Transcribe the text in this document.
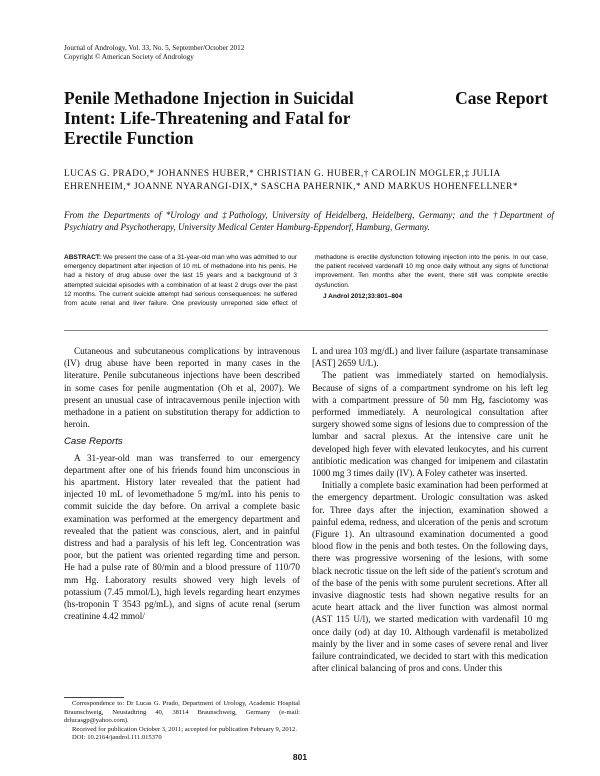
Journal of Andrology, Vol. 33, No. 5, September/October 2012
Copyright © American Society of Andrology
Penile Methadone Injection in Suicidal Intent: Life-Threatening and Fatal for Erectile Function
Case Report

LUCAS G. PRADO,* JOHANNES HUBER,* CHRISTIAN G. HUBER,† CAROLIN MOGLER,‡ JULIA EHRENHEIM,* JOANNE NYARANGI-DIX,* SASCHA PAHERNIK,* AND MARKUS HOHENFELLNER*

From the Departments of *Urology and ‡Pathology, University of Heidelberg, Heidelberg, Germany; and the †Department of Psychiatry and Psychotherapy, University Medical Center Hamburg-Eppendorf, Hamburg, Germany.

ABSTRACT: We present the case of a 31-year-old man who was admitted to our emergency department after injection of 10 mL of methadone into his penis. He had a history of drug abuse over the last 15 years and a background of 3 attempted suicidal episodes with a combination of at least 2 drugs over the past 12 months. The current suicide attempt had serious consequences: he suffered from acute renal and liver failure. One previously unreported side effect of methadone is erectile dysfunction following injection into the penis. In our case, the patient received vardenafil 10 mg once daily without any signs of functional improvement. Ten months after the event, there still was complete erectile dysfunction.

J Androl 2012;33:801–804

Cutaneous and subcutaneous complications by intravenous (IV) drug abuse have been reported in many cases in the literature. Penile subcutaneous injections have been described in some cases for penile augmentation (Oh et al, 2007). We present an unusual case of intracavernous penile injection with methadone in a patient on substitution therapy for addiction to heroin.

Case Reports

A 31-year-old man was transferred to our emergency department after one of his friends found him unconscious in his apartment. History later revealed that the patient had injected 10 mL of levomethadone 5 mg/mL into his penis to commit suicide the day before. On arrival a complete basic examination was performed at the emergency department and revealed that the patient was conscious, alert, and in painful distress and had a paralysis of his left leg. Concentration was poor, but the patient was oriented regarding time and person. He had a pulse rate of 80/min and a blood pressure of 110/70 mm Hg. Laboratory results showed very high levels of potassium (7.45 mmol/L), high levels regarding heart enzymes (hs-troponin T 3543 pg/mL), and signs of acute renal (serum creatinine 4.42 mmol/

L and urea 103 mg/dL) and liver failure (aspartate transaminase [AST] 2659 U/L).

The patient was immediately started on hemodialysis. Because of signs of a compartment syndrome on his left leg with a compartment pressure of 50 mm Hg, fasciotomy was performed immediately. A neurological consultation after surgery showed some signs of lesions due to compression of the lumbar and sacral plexus. At the intensive care unit he developed high fever with elevated leukocytes, and his current antibiotic medication was changed for imipenem and cilastatin 1000 mg 3 times daily (IV). A Foley catheter was inserted.

Initially a complete basic examination had been performed at the emergency department. Urologic consultation was asked for. Three days after the injection, examination showed a painful edema, redness, and ulceration of the penis and scrotum (Figure 1). An ultrasound examination documented a good blood flow in the penis and both testes. On the following days, there was progressive worsening of the lesions, with some black necrotic tissue on the left side of the patient's scrotum and of the base of the penis with some purulent secretions. After all invasive diagnostic tests had shown negative results for an acute heart attack and the liver function was almost normal (AST 115 U/l), we started medication with vardenafil 10 mg once daily (od) at day 10. Although vardenafil is metabolized mainly by the liver and in some cases of severe renal and liver failure contraindicated, we decided to start with this medication after clinical balancing of pros and cons. Under this

Correspondence to: Dr Lucas G. Prado, Department of Urology, Academic Hospital Braunschweig, Neustadtring 40, 38114 Braunschweig, Germany (e-mail: drlucasgp@yahoo.com).

Received for publication October 3, 2011; accepted for publication February 9, 2012.

DOI: 10.2164/jandrol.111.015370

801
